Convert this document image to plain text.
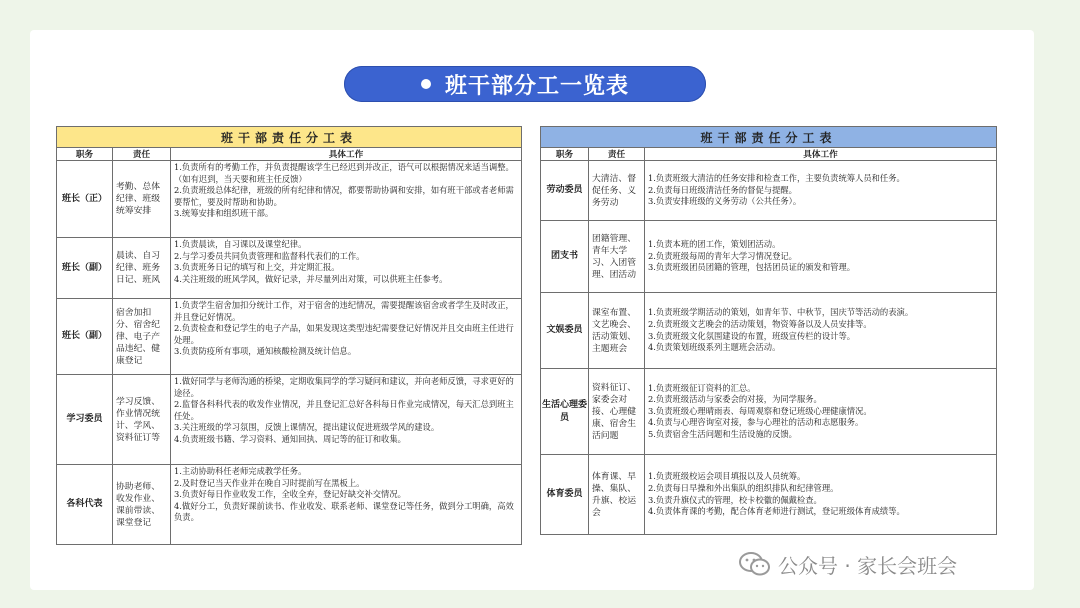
班干部分工一览表
班干部责任分工表		
职务	责任	具体工作
班长（正）	考勤、总体纪律、班级统筹安排	1.负责所有的考勤工作，并负责提醒该学生已经迟到并改正，语气可以根据情况来适当调整。（如有迟到，当天要和班主任反馈）
2.负责班级总体纪律，班级的所有纪律和情况，都要帮助协调和安排，如有班干部或者老师需要帮忙，要及时帮助和协助。
3.统筹安排和组织班干部。

班长（副）	晨读、自习纪律、班务日记、班风	1.负责晨读，自习课以及课堂纪律。
2.与学习委员共同负责管理和监督科代表们的工作。
3.负责班务日记的填写和上交，并定期汇报。
4.关注班级的班风学风，做好记录，并尽量列出对策，可以供班主任参考。

班长（副）	宿舍加扣分、宿舍纪律、电子产品违纪、健康登记	1.负责学生宿舍加扣分统计工作，对于宿舍的违纪情况，需要提醒该宿舍或者学生及时改正，并且登记好情况。
2.负责检查和登记学生的电子产品，如果发现这类型违纪需要登记好情况并且交由班主任进行处理。
3.负责防疫所有事项，通知核酸检测及统计信息。

学习委员	学习反馈、作业情况统计、学风、资料征订等	1.做好同学与老师沟通的桥梁，定期收集同学的学习疑问和建议，并向老师反馈，寻求更好的途径。
2.监督各科科代表的收发作业情况，并且登记汇总好各科每日作业完成情况，每天汇总到班主任处。
3.关注班级的学习氛围，反馈上课情况，提出建议促进班级学风的建设。
4.负责班级书籍、学习资料、通知回执、周记等的征订和收集。

各科代表	协助老师、收发作业、课前带读、课堂登记	1.主动协助科任老师完成教学任务。
2.及时登记当天作业并在晚自习时提前写在黑板上。
3.负责好每日作业收发工作，全收全弃，登记好缺交补交情况。
4.做好分工，负责好课前读书、作业收发、联系老师、课堂登记等任务，做到分工明确，高效负责。
班干部责任分工表		
职务	责任	具体工作
劳动委员	大清洁、督促任务、义务劳动	1.负责班级大清洁的任务安排和检查工作，主要负责统筹人员和任务。
2.负责每日班级清洁任务的督促与提醒。
3.负责安排班级的义务劳动（公共任务）。

团支书	团籍管理、青年大学习、入团管理、团活动	1.负责本班的团工作，策划团活动。
2.负责班级每周的青年大学习情况登记。
3.负责班级团员团籍的管理，包括团员证的颁发和管理。

文娱委员	课室布置、文艺晚会、活动策划、主题班会	1.负责班级学期活动的策划，如青年节、中秋节，国庆节等活动的表演。
2.负责班级文艺晚会的活动策划，物资筹备以及人员安排等。
3.负责班级文化氛围建设的布置，班级宣传栏的设计等。
4.负责策划班级系列主题班会活动。

生活心理委员	资料征订、家委会对接、心理健康、宿舍生活问题	1.负责班级征订资料的汇总。
2.负责班级活动与家委会的对接，为同学服务。
3.负责班级心理晴雨表、每周观察和登记班级心理健康情况。
4.负责与心理咨询室对接，参与心理社的活动和志愿服务。
5.负责宿舍生活问题和生活设施的反馈。

体育委员	体育课、早操、集队、升旗、校运会	1.负责班级校运会项目填报以及人员统筹。
2.负责每日早操和外出集队的组织排队和纪律管理。
3.负责升旗仪式的管理，校卡校徽的佩戴检查。
4.负责体育课的考勤，配合体育老师进行测试，登记班级体育成绩等。
公众号 · 家长会班会
